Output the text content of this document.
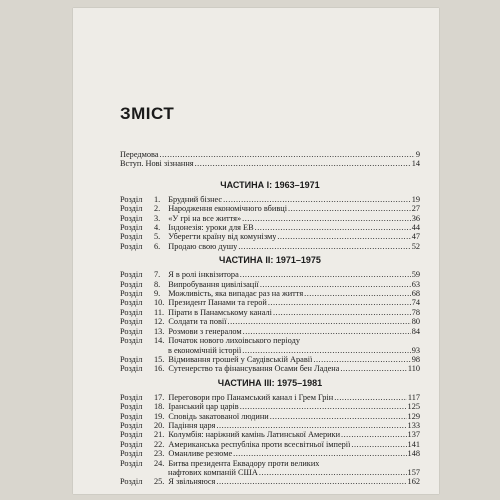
ЗМІСТ
Передмова .....	9
Вступ. Нові зізнання .....	14
ЧАСТИНА I: 1963–1971
Розділ	1. Брудний бізнес .....	19
Розділ	2. Народження економічного вбивці .....	27
Розділ	3. «У грі на все життя» .....	36
Розділ	4. Індонезія: уроки для ЕВ .....	44
Розділ	5. Уберегти країну від комунізму .....	47
Розділ	6. Продаю свою душу .....	52
ЧАСТИНА II: 1971–1975
Розділ	7. Я в ролі інквізитора .....	59
Розділ	8. Випробування цивілізації .....	63
Розділ	9. Можливість, яка випадає раз на життя .....	68
Розділ	10. Президент Панами та герой .....	74
Розділ	11. Пірати в Панамському каналі .....	78
Розділ	12. Солдати та повії .....	80
Розділ	13. Розмови з генералом .....	84
Розділ	14. Початок нового лихоівського періоду
в економічній історії .....	93
Розділ	15. Відмивання грошей у Саудівській Аравії .....	98
Розділ	16. Сутенерство та фінансування Осами бен Ладена .....	110
ЧАСТИНА III: 1975–1981
Розділ	17. Переговори про Панамський канал і Грем Грін .....	117
Розділ	18. Іранський цар царів .....	125
Розділ	19. Сповідь закатованої людини .....	129
Розділ	20. Падіння царя .....	133
Розділ	21. Колумбія: наріжний камінь Латинської Америки .....	137
Розділ	22. Американська республіка проти всесвітньої імперії .....	141
Розділ	23. Оманливе резюме .....	148
Розділ	24. Битва президента Еквадору проти великих
нафтових компаній США .....	157
Розділ	25. Я звільняюся .....	162
